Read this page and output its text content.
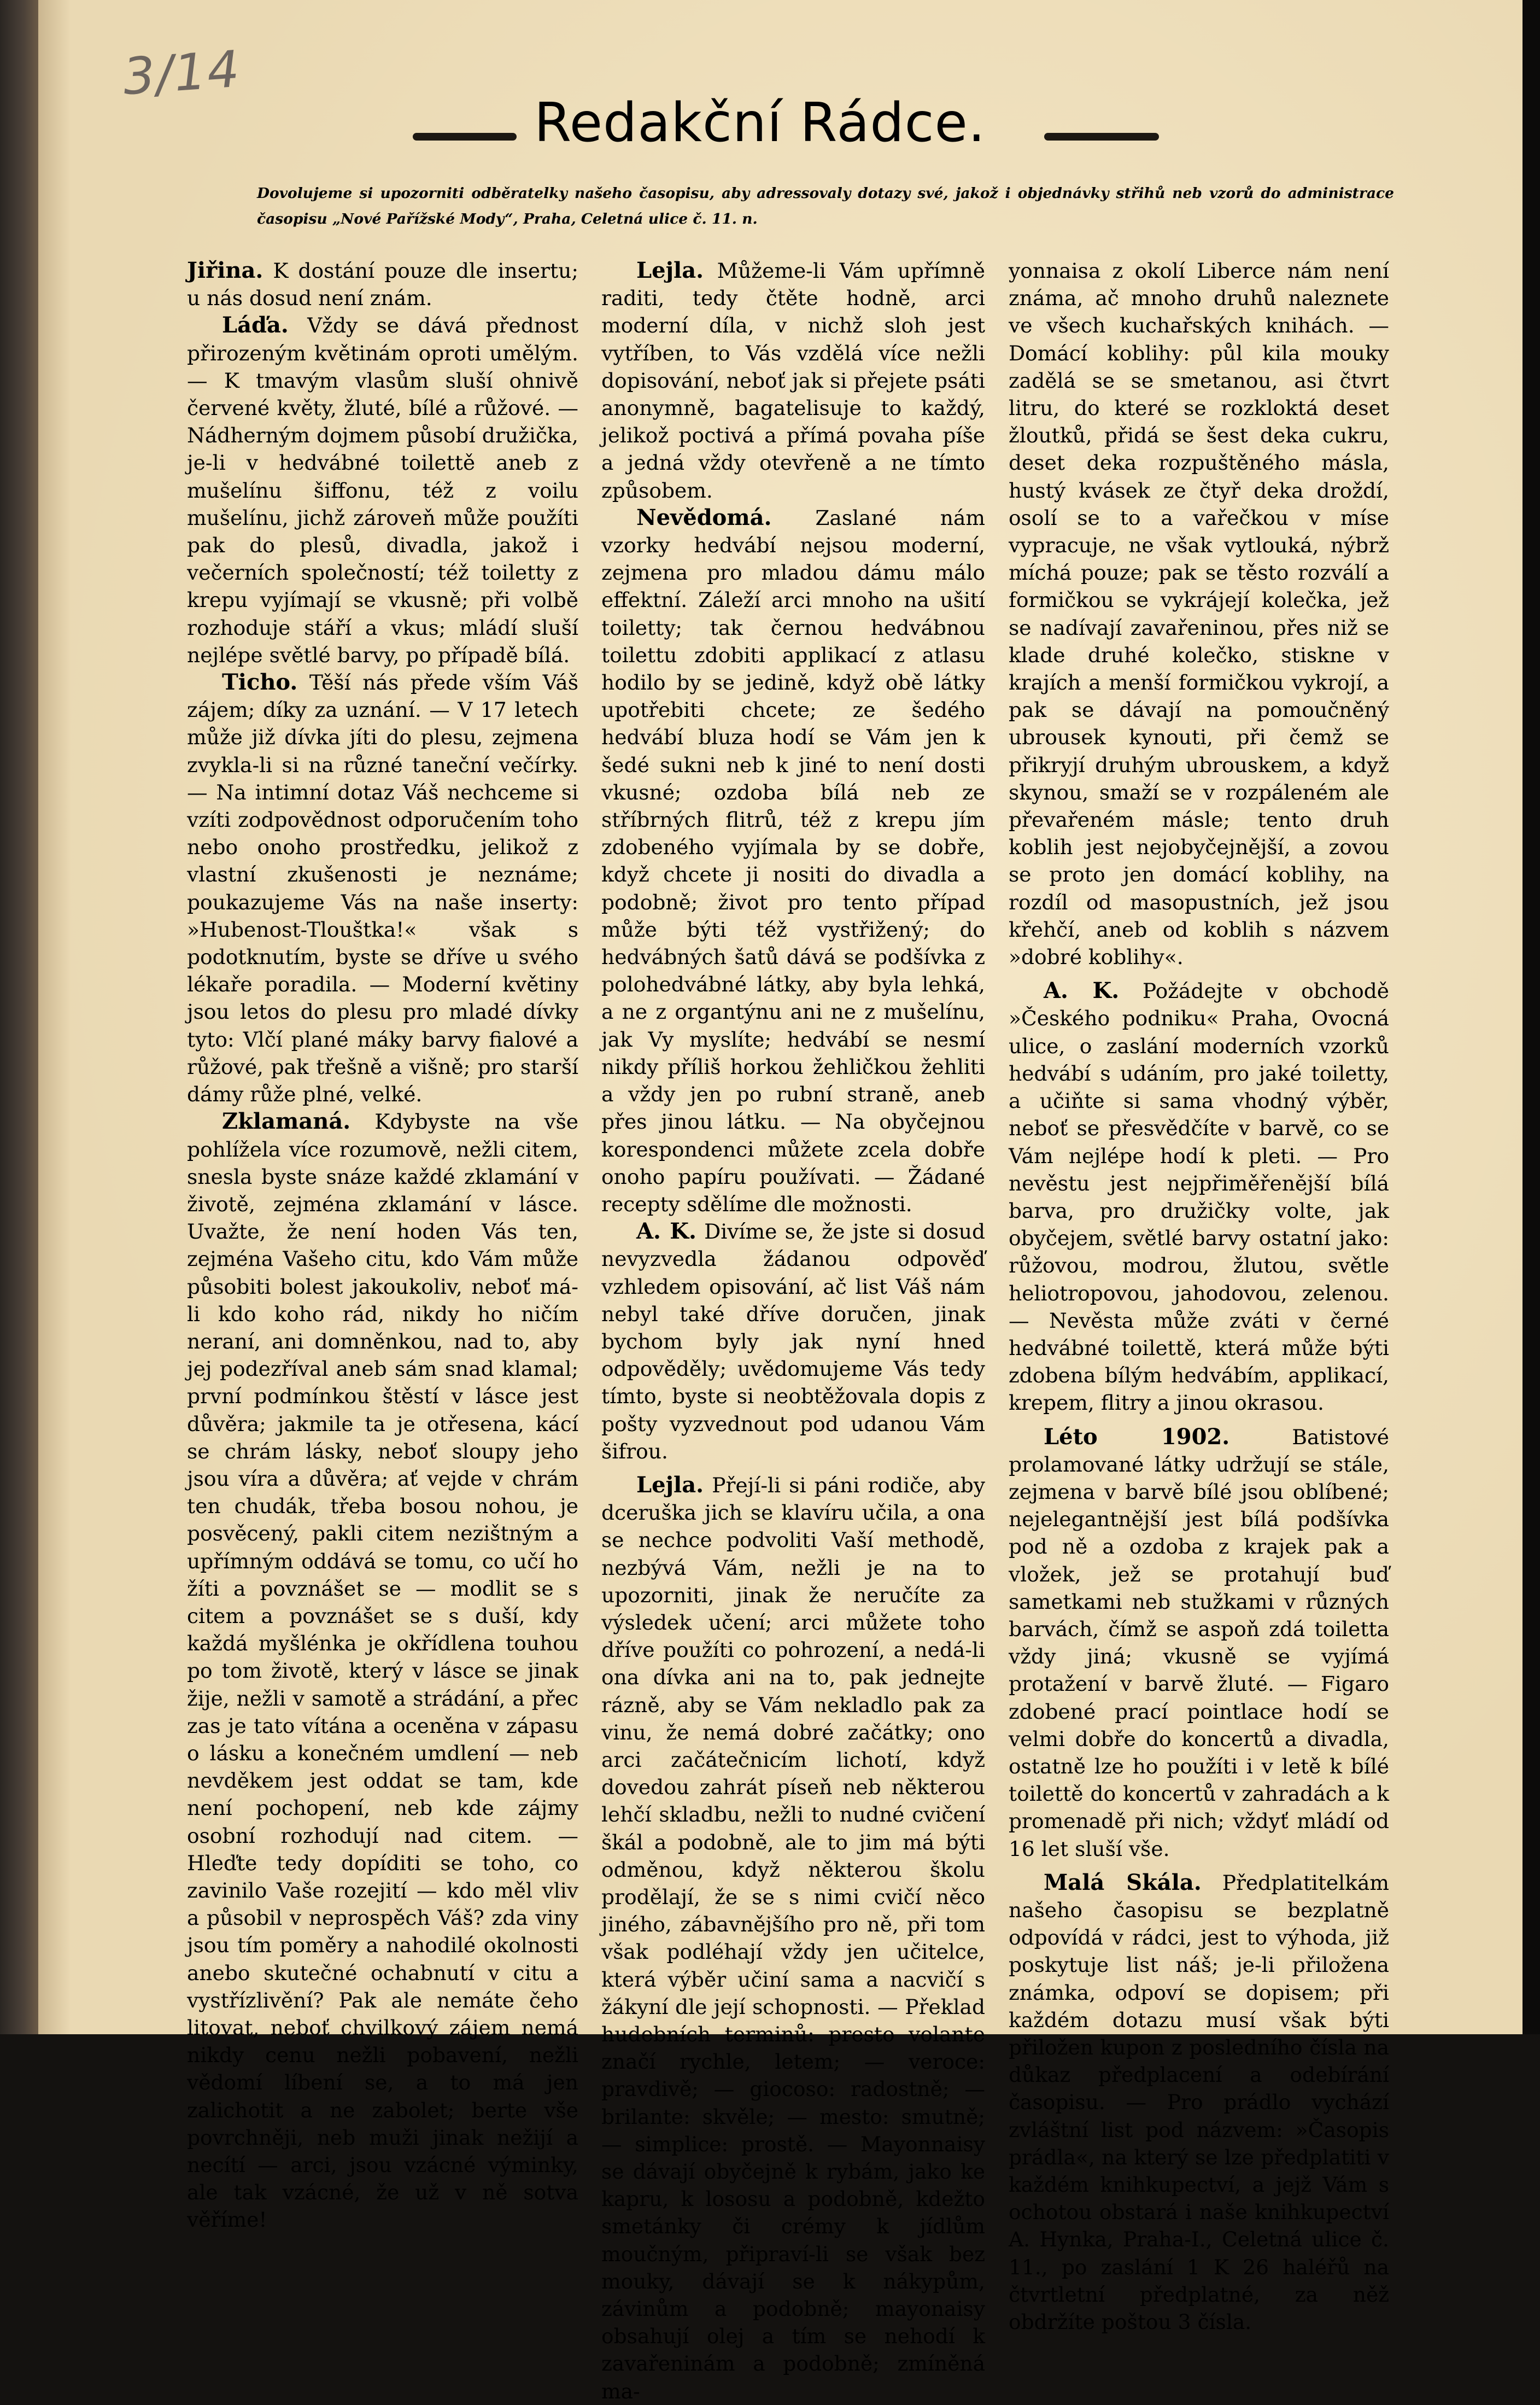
3/14
Redakční Rádce.
Dovolujeme si upozorniti odběratelky našeho časopisu, aby adressovaly dotazy své, jakož i objednávky střihů neb vzorů do administrace časopisu „Nové Pařížské Mody“, Praha, Celetná ulice č. 11. n.

Jiřina. K dostání pouze dle insertu; u nás dosud není znám.

Láďa. Vždy se dává přednost přirozeným květinám oproti umělým. — K tmavým vlasům sluší ohnivě červené květy, žluté, bílé a růžové. — Nádherným dojmem působí družička, je-li v hedvábné toilettě aneb z mušelínu šiffonu, též z voilu mušelínu, jichž zároveň může použíti pak do plesů, divadla, jakož i večerních společností; též toiletty z krepu vyjímají se vkusně; při volbě rozhoduje stáří a vkus; mládí sluší nejlépe světlé barvy, po případě bílá.

Ticho. Těší nás přede vším Váš zájem; díky za uznání. — V 17 letech může již dívka jíti do plesu, zejmena zvykla-li si na různé taneční večírky. — Na intimní dotaz Váš nechceme si vzíti zodpovědnost odporučením toho nebo onoho prostředku, jelikož z vlastní zkušenosti je neznáme; poukazujeme Vás na naše inserty: »Hubenost-Tlouštka!« však s podotknutím, byste se dříve u svého lékaře poradila. — Moderní květiny jsou letos do plesu pro mladé dívky tyto: Vlčí plané máky barvy fialové a růžové, pak třešně a višně; pro starší dámy růže plné, velké.

Zklamaná. Kdybyste na vše pohlížela více rozumově, nežli citem, snesla byste snáze každé zklamání v životě, zejména zklamání v lásce. Uvažte, že není hoden Vás ten, zejména Vašeho citu, kdo Vám může působiti bolest jakoukoliv, neboť má-li kdo koho rád, nikdy ho ničím neraní, ani domněnkou, nad to, aby jej podezříval aneb sám snad klamal; první podmínkou štěstí v lásce jest důvěra; jakmile ta je otřesena, kácí se chrám lásky, neboť sloupy jeho jsou víra a důvěra; ať vejde v chrám ten chudák, třeba bosou nohou, je posvěcený, pakli citem nezištným a upřímným oddává se tomu, co učí ho žíti a povznášet se — modlit se s citem a povznášet se s duší, kdy každá myšlénka je okřídlena touhou po tom životě, který v lásce se jinak žije, nežli v samotě a strádání, a přec zas je tato vítána a oceněna v zápasu o lásku a konečném umdlení — neb nevděkem jest oddat se tam, kde není pochopení, neb kde zájmy osobní rozhodují nad citem. — Hleďte tedy dopíditi se toho, co zavinilo Vaše rozejití — kdo měl vliv a působil v neprospěch Váš? zda viny jsou tím poměry a nahodilé okolnosti anebo skutečné ochabnutí v citu a vystřízlivění? Pak ale nemáte čeho litovat, neboť chvilkový zájem nemá nikdy cenu nežli pobavení, nežli vědomí líbení se, a to má jen zalichotit a ne zabolet; berte vše povrchněji, neb muži jinak nežijí a necítí — arci, jsou vzácné výminky, ale tak vzácné, že už v ně sotva věříme!

Lejla. Můžeme-li Vám upřímně raditi, tedy čtěte hodně, arci moderní díla, v nichž sloh jest vytříben, to Vás vzdělá více nežli dopisování, neboť jak si přejete psáti anonymně, bagatelisuje to každý, jelikož poctivá a přímá povaha píše a jedná vždy otevřeně a ne tímto způsobem.

Nevědomá. Zaslané nám vzorky hedvábí nejsou moderní, zejmena pro mladou dámu málo effektní. Záleží arci mnoho na ušití toiletty; tak černou hedvábnou toilettu zdobiti applikací z atlasu hodilo by se jedině, když obě látky upotřebiti chcete; ze šedého hedvábí bluza hodí se Vám jen k šedé sukni neb k jiné to není dosti vkusné; ozdoba bílá neb ze stříbrných flitrů, též z krepu jím zdobeného vyjímala by se dobře, když chcete ji nositi do divadla a podobně; život pro tento případ může býti též vystřižený; do hedvábných šatů dává se podšívka z polohedvábné látky, aby byla lehká, a ne z organtýnu ani ne z mušelínu, jak Vy myslíte; hedvábí se nesmí nikdy příliš horkou žehličkou žehliti a vždy jen po rubní straně, aneb přes jinou látku. — Na obyčejnou korespondenci můžete zcela dobře onoho papíru používati. — Žádané recepty sdělíme dle možnosti.

A. K. Divíme se, že jste si dosud nevyzvedla žádanou odpověď vzhledem opisování, ač list Váš nám nebyl také dříve doručen, jinak bychom byly jak nyní hned odpověděly; uvědomujeme Vás tedy tímto, byste si neobtěžovala dopis z pošty vyzvednout pod udanou Vám šifrou.

Lejla. Přejí-li si páni rodiče, aby dceruška jich se klavíru učila, a ona se nechce podvoliti Vaší methodě, nezbývá Vám, nežli je na to upozorniti, jinak že neručíte za výsledek učení; arci můžete toho dříve použíti co pohrození, a nedá-li ona dívka ani na to, pak jednejte rázně, aby se Vám nekladlo pak za vinu, že nemá dobré začátky; ono arci začátečnicím lichotí, když dovedou zahrát píseň neb některou lehčí skladbu, nežli to nudné cvičení škál a podobně, ale to jim má býti odměnou, když některou školu prodělají, že se s nimi cvičí něco jiného, zábavnějšího pro ně, při tom však podléhají vždy jen učitelce, která výběr učiní sama a nacvičí s žákyní dle její schopnosti. — Překlad hudebních terminů: presto volante značí rychle, letem; — veroce: pravdivě; — giocoso: radostně; — brilante: skvěle; — mesto: smutně; — simplice: prostě. — Mayonnaisy se dávají obyčejně k rybám, jako ke kapru, k lososu a podobně, kdežto smetánky či crémy k jídlům moučným, připraví-li se však bez mouky, dávají se k nákypům, závinům a podobně; mayonaisy obsahují olej a tím se nehodí k zavařeninám a podobně; zmíněná ma-

yonnaisa z okolí Liberce nám není známa, ač mnoho druhů naleznete ve všech kuchařských knihách. — Domácí koblihy: půl kila mouky zadělá se se smetanou, asi čtvrt litru, do které se rozkloktá deset žloutků, přidá se šest deka cukru, deset deka rozpuštěného másla, hustý kvásek ze čtyř deka droždí, osolí se to a vařečkou v míse vypracuje, ne však vytlouká, nýbrž míchá pouze; pak se těsto rozválí a formičkou se vykrájejí kolečka, jež se nadívají zavařeninou, přes niž se klade druhé kolečko, stiskne v krajích a menší formičkou vykrojí, a pak se dávají na pomoučněný ubrousek kynouti, při čemž se přikryjí druhým ubrouskem, a když skynou, smaží se v rozpáleném ale převařeném másle; tento druh koblih jest nejobyčejnější, a zovou se proto jen domácí koblihy, na rozdíl od masopustních, jež jsou křehčí, aneb od koblih s názvem »dobré koblihy«.

A. K. Požádejte v obchodě »Českého podniku« Praha, Ovocná ulice, o zaslání moderních vzorků hedvábí s udáním, pro jaké toiletty, a učiňte si sama vhodný výběr, neboť se přesvědčíte v barvě, co se Vám nejlépe hodí k pleti. — Pro nevěstu jest nejpřiměřenější bílá barva, pro družičky volte, jak obyčejem, světlé barvy ostatní jako: růžovou, modrou, žlutou, světle heliotropovou, jahodovou, zelenou. — Nevěsta může zváti v černé hedvábné toilettě, která může býti zdobena bílým hedvábím, applikací, krepem, flitry a jinou okrasou.

Léto 1902.	Batistové prolamované látky udržují se stále, zejmena v barvě bílé jsou oblíbené; nejelegantnější jest bílá podšívka pod ně a ozdoba z krajek pak a vložek, jež se protahují buď sametkami neb stužkami v různých barvách, čímž se aspoň zdá toiletta vždy jiná; vkusně se vyjímá protažení v barvě žluté. — Figaro zdobené prací pointlace hodí se velmi dobře do koncertů a divadla, ostatně lze ho použíti i v letě k bílé toilettě do koncertů v zahradách a k promenadě při nich; vždyť mládí od 16 let sluší vše.

Malá Skála. Předplatitelkám našeho časopisu se bezplatně odpovídá v rádci, jest to výhoda, již poskytuje list náš; je-li přiložena známka, odpoví se dopisem; při každém dotazu musí však býti přiložen kupon z posledního čísla na důkaz předplacení a odebírání časopisu. — Pro prádlo vychází zvláštní list pod názvem: »Časopis prádla«, na který se lze předplatiti v každém knihkupectví, a jejž Vám s ochotou obstará i naše knihkupectví A. Hynka, Praha-I., Celetná ulice č. 11., po zaslání 1 K 26 haléřů na čtvrtletní předplatné, za něž obdržíte poštou 3 čísla.
